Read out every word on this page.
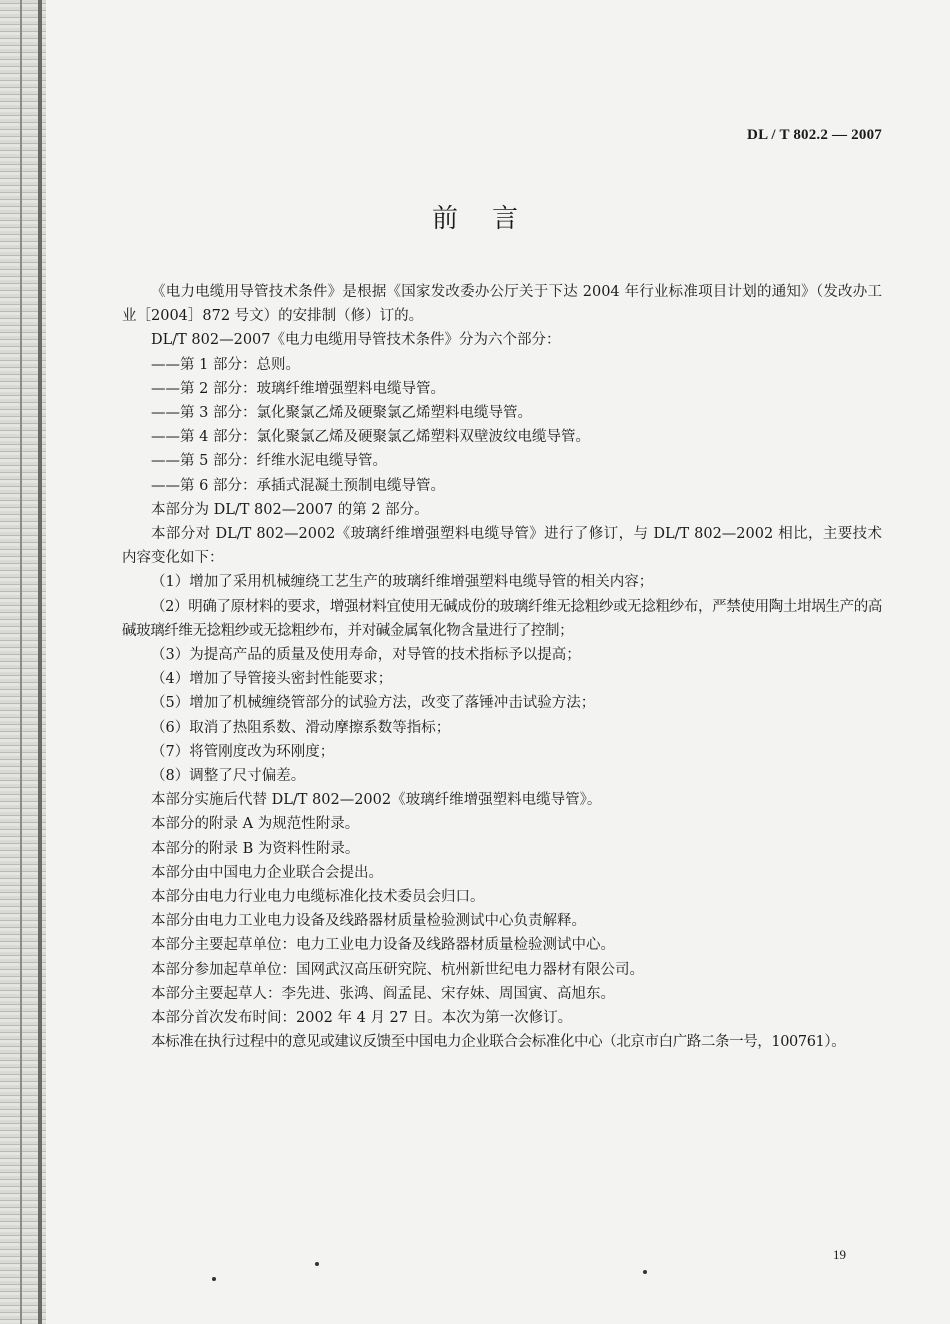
DL / T 802.2 — 2007
前言

《电力电缆用导管技术条件》是根据《国家发改委办公厅关于下达 2004 年行业标准项目计划的通知》（发改办工业［2004］872 号文）的安排制（修）订的。

DL/T 802—2007《电力电缆用导管技术条件》分为六个部分：

——第 1 部分：总则。

——第 2 部分：玻璃纤维增强塑料电缆导管。

——第 3 部分：氯化聚氯乙烯及硬聚氯乙烯塑料电缆导管。

——第 4 部分：氯化聚氯乙烯及硬聚氯乙烯塑料双壁波纹电缆导管。

——第 5 部分：纤维水泥电缆导管。

——第 6 部分：承插式混凝土预制电缆导管。

本部分为 DL/T 802—2007 的第 2 部分。

本部分对 DL/T 802—2002《玻璃纤维增强塑料电缆导管》进行了修订，与 DL/T 802—2002 相比，主要技术内容变化如下：

（1）增加了采用机械缠绕工艺生产的玻璃纤维增强塑料电缆导管的相关内容；

（2）明确了原材料的要求，增强材料宜使用无碱成份的玻璃纤维无捻粗纱或无捻粗纱布，严禁使用陶土坩埚生产的高碱玻璃纤维无捻粗纱或无捻粗纱布，并对碱金属氧化物含量进行了控制；

（3）为提高产品的质量及使用寿命，对导管的技术指标予以提高；

（4）增加了导管接头密封性能要求；

（5）增加了机械缠绕管部分的试验方法，改变了落锤冲击试验方法；

（6）取消了热阻系数、滑动摩擦系数等指标；

（7）将管刚度改为环刚度；

（8）调整了尺寸偏差。

本部分实施后代替 DL/T 802—2002《玻璃纤维增强塑料电缆导管》。

本部分的附录 A 为规范性附录。

本部分的附录 B 为资料性附录。

本部分由中国电力企业联合会提出。

本部分由电力行业电力电缆标准化技术委员会归口。

本部分由电力工业电力设备及线路器材质量检验测试中心负责解释。

本部分主要起草单位：电力工业电力设备及线路器材质量检验测试中心。

本部分参加起草单位：国网武汉高压研究院、杭州新世纪电力器材有限公司。

本部分主要起草人：李先进、张鸿、阎孟昆、宋存妹、周国寅、高旭东。

本部分首次发布时间：2002 年 4 月 27 日。本次为第一次修订。

本标准在执行过程中的意见或建议反馈至中国电力企业联合会标准化中心（北京市白广路二条一号，100761）。

19
